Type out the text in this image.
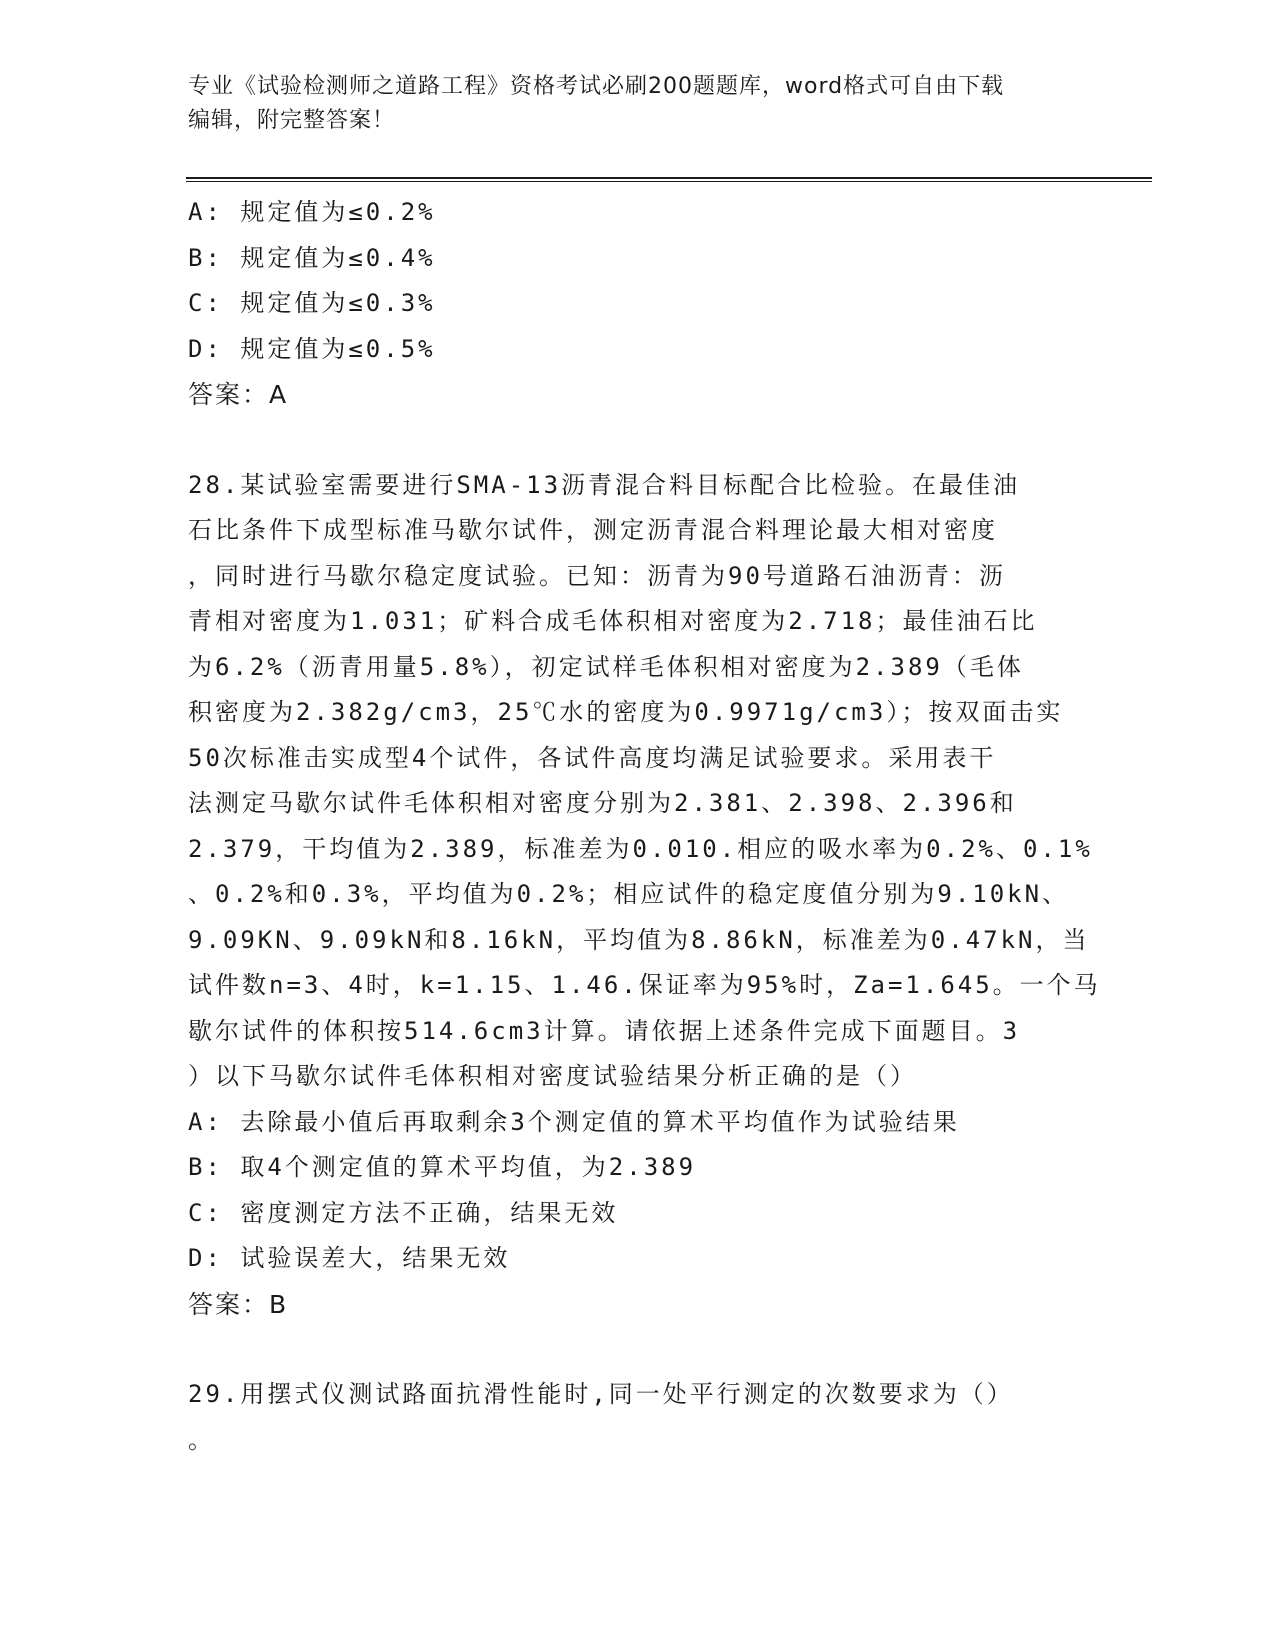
专业《试验检测师之道路工程》资格考试必刷200题题库，word格式可自由下载
编辑，附完整答案！
A: 规定值为≤0.2%
B: 规定值为≤0.4%
C: 规定值为≤0.3%
D: 规定值为≤0.5%
答案：A
28.某试验室需要进行SMA-13沥青混合料目标配合比检验。在最佳油
石比条件下成型标准马歇尔试件，测定沥青混合料理论最大相对密度
，同时进行马歇尔稳定度试验。已知：沥青为90号道路石油沥青：沥
青相对密度为1.031；矿料合成毛体积相对密度为2.718；最佳油石比
为6.2%（沥青用量5.8%），初定试样毛体积相对密度为2.389（毛体
积密度为2.382g/cm3，25℃水的密度为0.9971g/cm3）；按双面击实
50次标准击实成型4个试件，各试件高度均满足试验要求。采用表干
法测定马歇尔试件毛体积相对密度分别为2.381、2.398、2.396和
2.379，干均值为2.389，标准差为0.010.相应的吸水率为0.2%、0.1%
、0.2%和0.3%，平均值为0.2%；相应试件的稳定度值分别为9.10kN、
9.09KN、9.09kN和8.16kN，平均值为8.86kN，标准差为0.47kN，当
试件数n=3、4时，k=1.15、1.46.保证率为95%时，Za=1.645。一个马
歇尔试件的体积按514.6cm3计算。请依据上述条件完成下面题目。3
）以下马歇尔试件毛体积相对密度试验结果分析正确的是（）
A: 去除最小值后再取剩余3个测定值的算术平均值作为试验结果
B: 取4个测定值的算术平均值，为2.389
C: 密度测定方法不正确，结果无效
D: 试验误差大，结果无效
答案：B
29.用摆式仪测试路面抗滑性能时,同一处平行测定的次数要求为（）
。
